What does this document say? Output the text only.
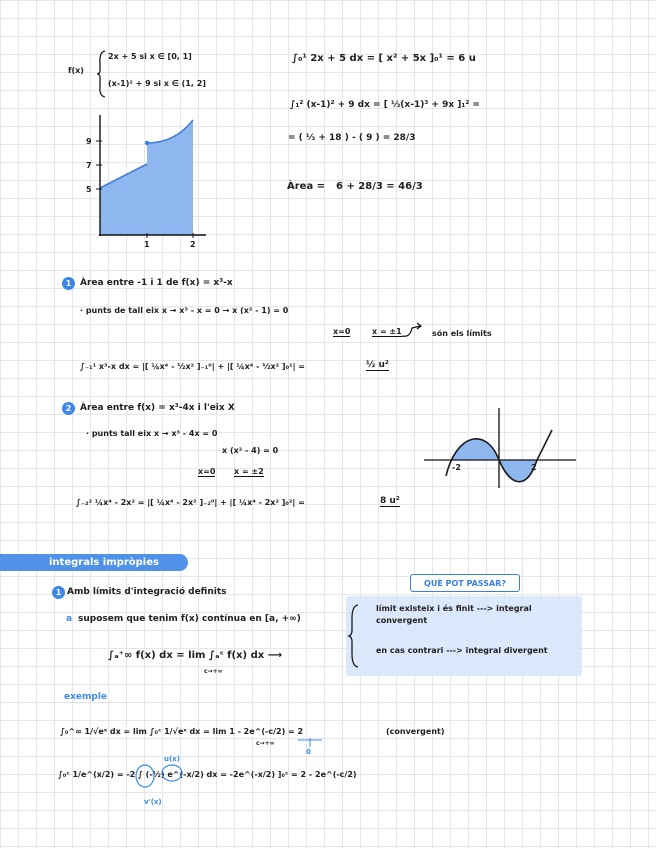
f(x)
2x + 5 si x ∈ [0, 1]
(x-1)² + 9 si x ∈ (1, 2]
9
7
5
1	2
∫₀¹ 2x + 5 dx = [ x² + 5x ]₀¹ = 6 u
∫₁² (x-1)² + 9 dx = [ ⅓(x-1)³ + 9x ]₁² =
= ( ⅓ + 18 ) - ( 9 ) = 28/3
Àrea = 6 + 28/3 = 46/3
1 Àrea entre -1 i 1 de f(x) = x³-x
· punts de tall eix x → x³ - x = 0 → x (x² - 1) = 0
x=0	x = ±1	són els límits
∫₋₁¹ x³-x dx = |[ ¼x⁴ - ½x² ]₋₁⁰| + |[ ¼x⁴ - ½x² ]₀¹| =	½ u²
2 Àrea entre f(x) = x³-4x i l'eix X
· punts tall eix x → x³ - 4x = 0
x (x² - 4) = 0
x=0 x = ±2
∫₋₂² ¼x⁴ - 2x² = |[ ¼x⁴ - 2x² ]₋₂⁰| + |[ ¼x⁴ - 2x² ]₀²| =	8 u²
-2	2
integrals impròpies
1 Amb límits d'integració definits
a suposem que tenim f(x) contínua en [a, +∞)
∫ₐ⁺∞ f(x) dx = lim ∫ₐᶜ f(x) dx ⟶
c→+∞
QUÈ POT PASSAR?
límit existeix i és finit ---> integral convergent
en cas contrari ---> integral divergent
exemple
∫₀^∞ 1/√eˣ dx = lim ∫₀ᶜ 1/√eˣ dx = lim 1 - 2e^(-c/2) = 2
c→+∞
(convergent)
0
u(x)
∫₀ᶜ 1/e^(x/2) = -2 ∫ (-½) e^(-x/2) dx = -2e^(-x/2) ]₀ᶜ = 2 - 2e^(-c/2)
v'(x)
